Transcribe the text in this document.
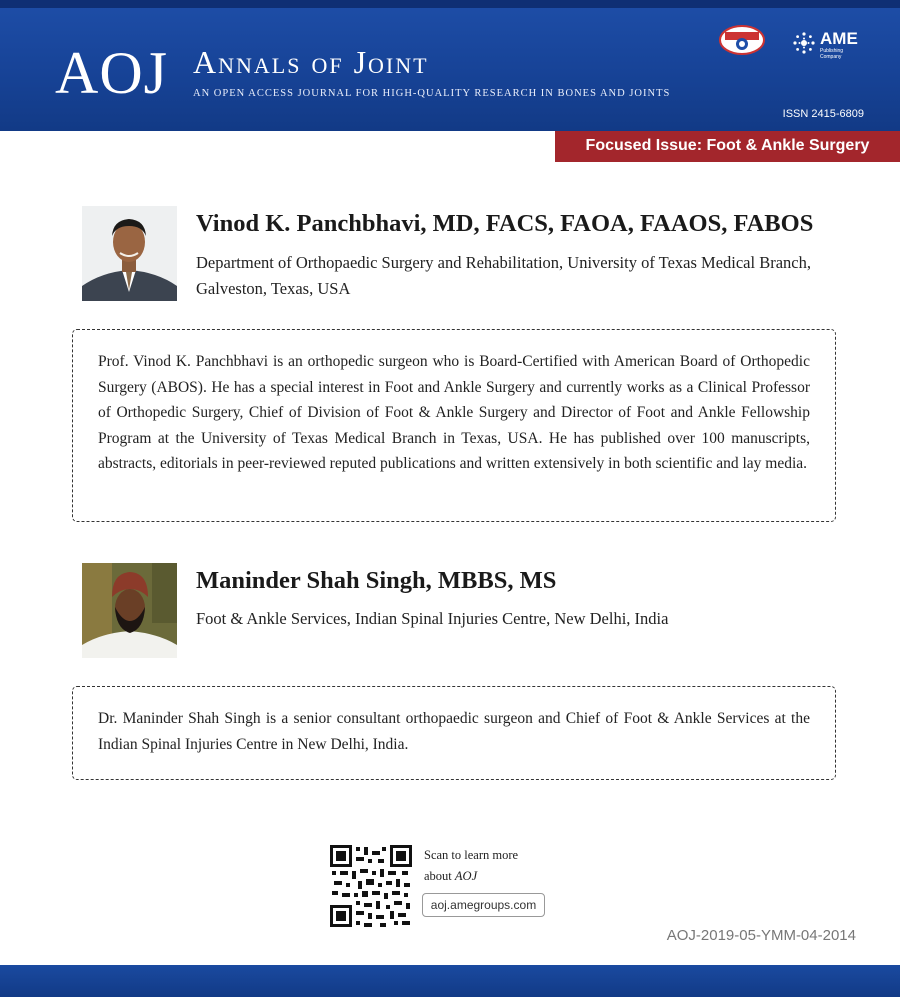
AOJ Annals of Joint
AN OPEN ACCESS JOURNAL FOR HIGH-QUALITY RESEARCH IN BONES AND JOINTS
AME
Publishing Company
ISSN 2415-6809
Focused Issue: Foot & Ankle Surgery
Vinod K. Panchbhavi, MD, FACS, FAOA, FAAOS, FABOS
Department of Orthopaedic Surgery and Rehabilitation, University of Texas Medical Branch, Galveston, Texas, USA
Prof. Vinod K. Panchbhavi is an orthopedic surgeon who is Board-Certified with American Board of Orthopedic Surgery (ABOS). He has a special interest in Foot and Ankle Surgery and currently works as a Clinical Professor of Orthopedic Surgery, Chief of Division of Foot & Ankle Surgery and Director of Foot and Ankle Fellowship Program at the University of Texas Medical Branch in Texas, USA. He has published over 100 manuscripts, abstracts, editorials in peer-reviewed reputed publications and written extensively in both scientific and lay media.
Maninder Shah Singh, MBBS, MS
Foot & Ankle Services, Indian Spinal Injuries Centre, New Delhi, India
Dr. Maninder Shah Singh is a senior consultant orthopaedic surgeon and Chief of Foot & Ankle Services at the Indian Spinal Injuries Centre in New Delhi, India.
Scan to learn more
about AOJ
aoj.amegroups.com
AOJ-2019-05-YMM-04-2014
